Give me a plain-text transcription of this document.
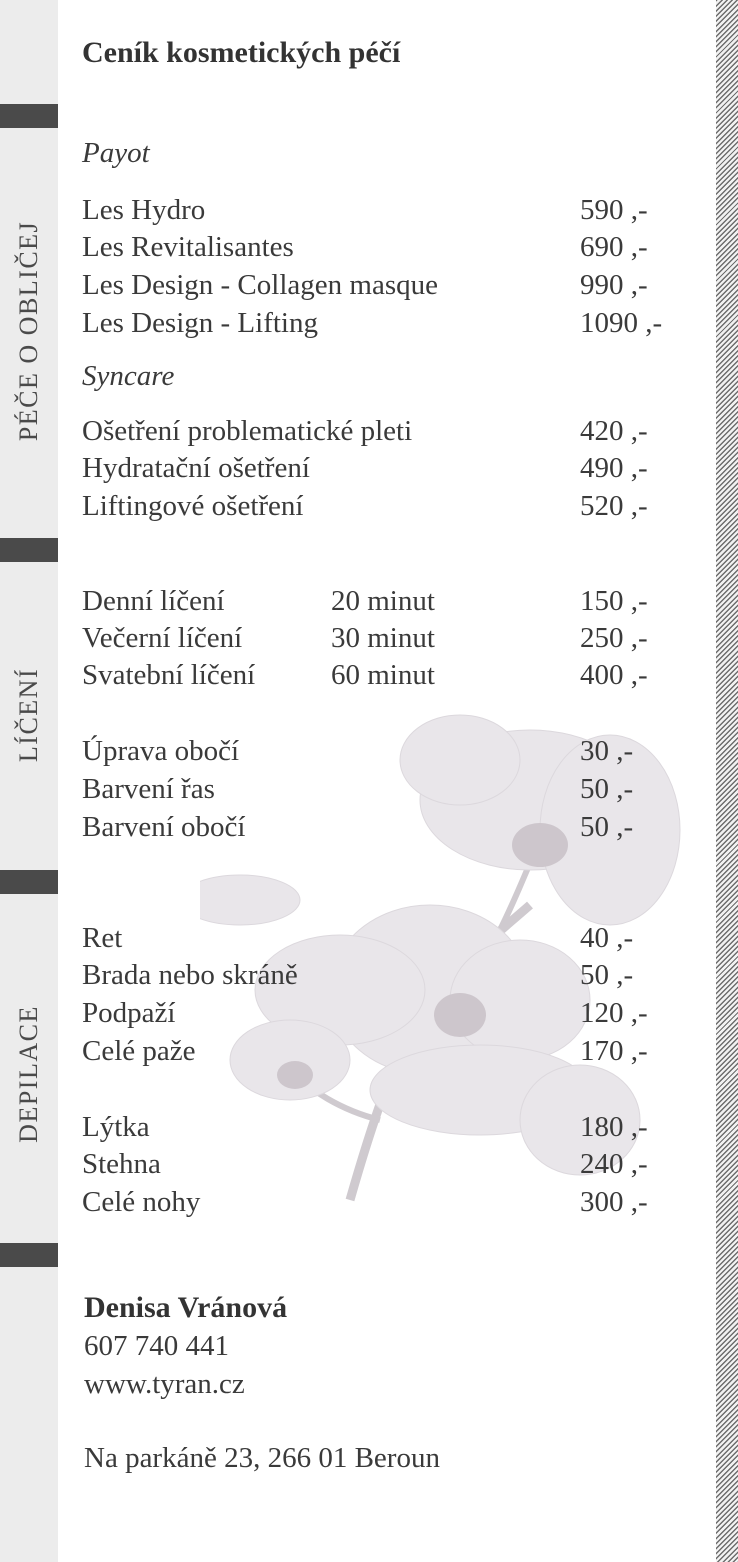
PÉČE O OBLIČEJ
LÍČENÍ
DEPILACE
Ceník kosmetických péčí
Payot
Les Hydro	590 ,-
Les Revitalisantes	690 ,-
Les Design - Collagen masque	990 ,-
Les Design - Lifting	1090 ,-
Syncare
Ošetření problematické pleti	420 ,-
Hydratační ošetření	490 ,-
Liftingové ošetření	520 ,-
Denní líčení	20 minut	150 ,-
Večerní líčení	30 minut	250 ,-
Svatební líčení	60 minut	400 ,-
Úprava obočí	30 ,-
Barvení řas	50 ,-
Barvení obočí	50 ,-
Ret	40 ,-
Brada nebo skráně	50 ,-
Podpaží	120 ,-
Celé paže	170 ,-
Lýtka	180 ,-
Stehna	240 ,-
Celé nohy	300 ,-
Denisa Vránová
607 740 441
www.tyran.cz
Na parkáně 23, 266 01 Beroun
